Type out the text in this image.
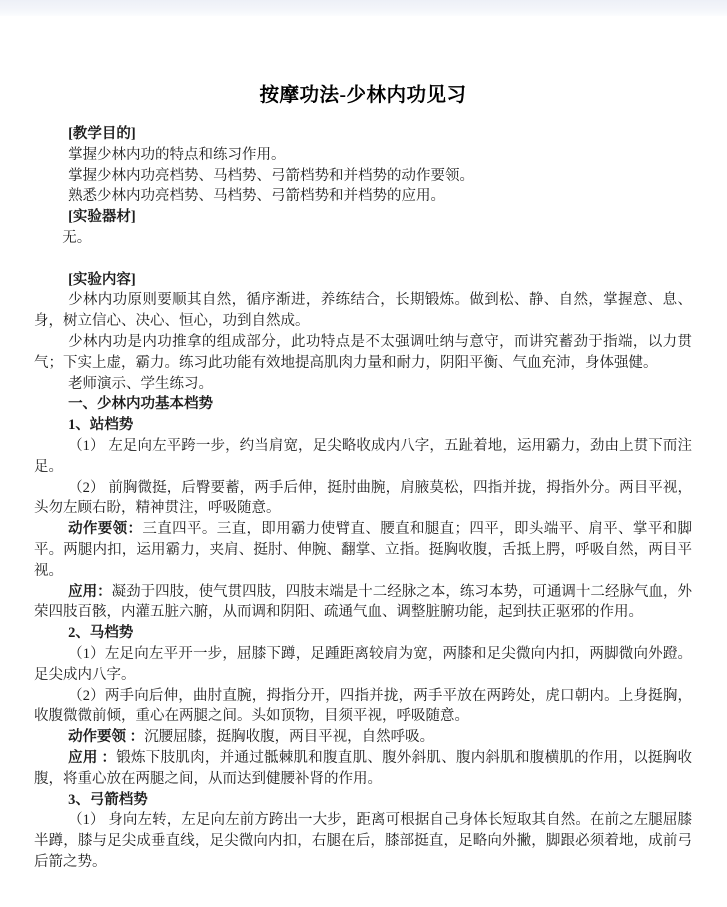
按摩功法-少林内功见习

[教学目的]

掌握少林内功的特点和练习作用。

掌握少林内功亮档势、马档势、弓箭档势和并档势的动作要领。

熟悉少林内功亮档势、马档势、弓箭档势和并档势的应用。

[实验器材]

无。

[实验内容]

少林内功原则要顺其自然，循序渐进，养练结合，长期锻炼。做到松、静、自然，掌握意、息、身，树立信心、决心、恒心，功到自然成。

少林内功是内功推拿的组成部分，此功特点是不太强调吐纳与意守，而讲究蓄劲于指端，以力贯气；下实上虚，霸力。练习此功能有效地提高肌肉力量和耐力，阴阳平衡、气血充沛，身体强健。

老师演示、学生练习。

一、少林内功基本档势

1、站档势

（1） 左足向左平跨一步，约当肩宽，足尖略收成内八字，五趾着地，运用霸力，劲由上贯下而注足。

（2） 前胸微挺，后臀要蓄，两手后伸，挺肘曲腕，肩腋莫松，四指并拢，拇指外分。两目平视，头勿左顾右盼，精神贯注，呼吸随意。

动作要领：三直四平。三直，即用霸力使臂直、腰直和腿直；四平，即头端平、肩平、掌平和脚平。两腿内扣，运用霸力，夹肩、挺肘、伸腕、翻掌、立指。挺胸收腹，舌抵上腭，呼吸自然，两目平视。

应用：凝劲于四肢，使气贯四肢，四肢末端是十二经脉之本，练习本势，可通调十二经脉气血，外荣四肢百骸，内灌五脏六腑，从而调和阴阳、疏通气血、调整脏腑功能，起到扶正驱邪的作用。

2、马档势

（1）左足向左平开一步，屈膝下蹲，足踵距离较肩为宽，两膝和足尖微向内扣，两脚微向外蹬。足尖成内八字。

（2）两手向后伸，曲肘直腕，拇指分开，四指并拢，两手平放在两跨处，虎口朝内。上身挺胸，收腹微微前倾，重心在两腿之间。头如顶物，目须平视，呼吸随意。

动作要领 ：沉腰屈膝，挺胸收腹，两目平视，自然呼吸。

应用 ：锻炼下肢肌肉，并通过骶棘肌和腹直肌、腹外斜肌、腹内斜肌和腹横肌的作用，以挺胸收腹，将重心放在两腿之间，从而达到健腰补肾的作用。

3、弓箭档势

（1） 身向左转，左足向左前方跨出一大步，距离可根据自己身体长短取其自然。在前之左腿屈膝半蹲，膝与足尖成垂直线，足尖微向内扣，右腿在后，膝部挺直，足略向外撇，脚跟必须着地，成前弓后箭之势。
